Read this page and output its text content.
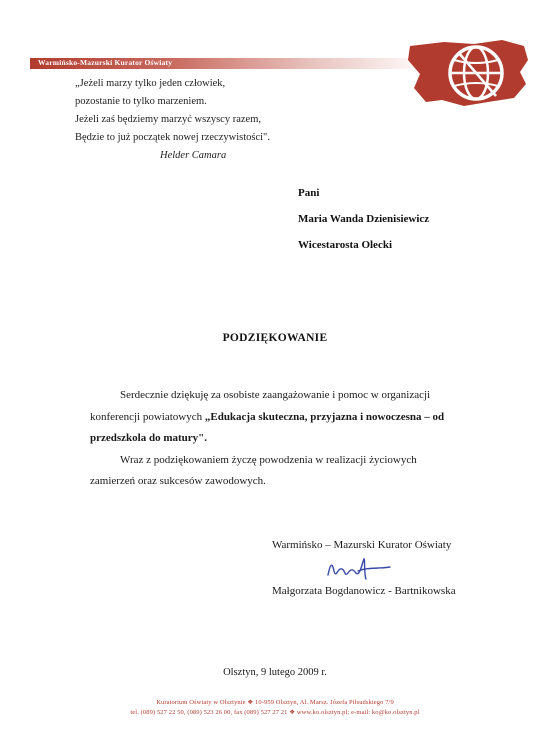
Warmińsko-Mazurski Kurator Oświaty
„Jeżeli marzy tylko jeden człowiek,
pozostanie to tylko marzeniem.
Jeżeli zaś będziemy marzyć wszyscy razem,
Będzie to już początek nowej rzeczywistości".
Helder Camara
Pani
Maria Wanda Dzienisiewicz
Wicestarosta Olecki
PODZIĘKOWANIE
Serdecznie dziękuję za osobiste zaangażowanie i pomoc w organizacji
konferencji powiatowych „Edukacja skuteczna, przyjazna i nowoczesna – od
przedszkola do matury".
Wraz z podziękowaniem życzę powodzenia w realizacji życiowych
zamierzeń oraz sukcesów zawodowych.
Warmińsko – Mazurski Kurator Oświaty
Małgorzata Bogdanowicz - Bartnikowska
Olsztyn, 9 lutego 2009 r.
Kuratorium Oświaty w Olsztynie ❖ 10-959 Olsztyn, Al. Marsz. Józefa Piłsudskiego 7/9
tel. (089) 527 22 50, (089) 523 26 00, fax (089) 527 27 21 ❖ www.ko.olsztyn.pl; e-mail: ko@ko.olsztyn.pl
